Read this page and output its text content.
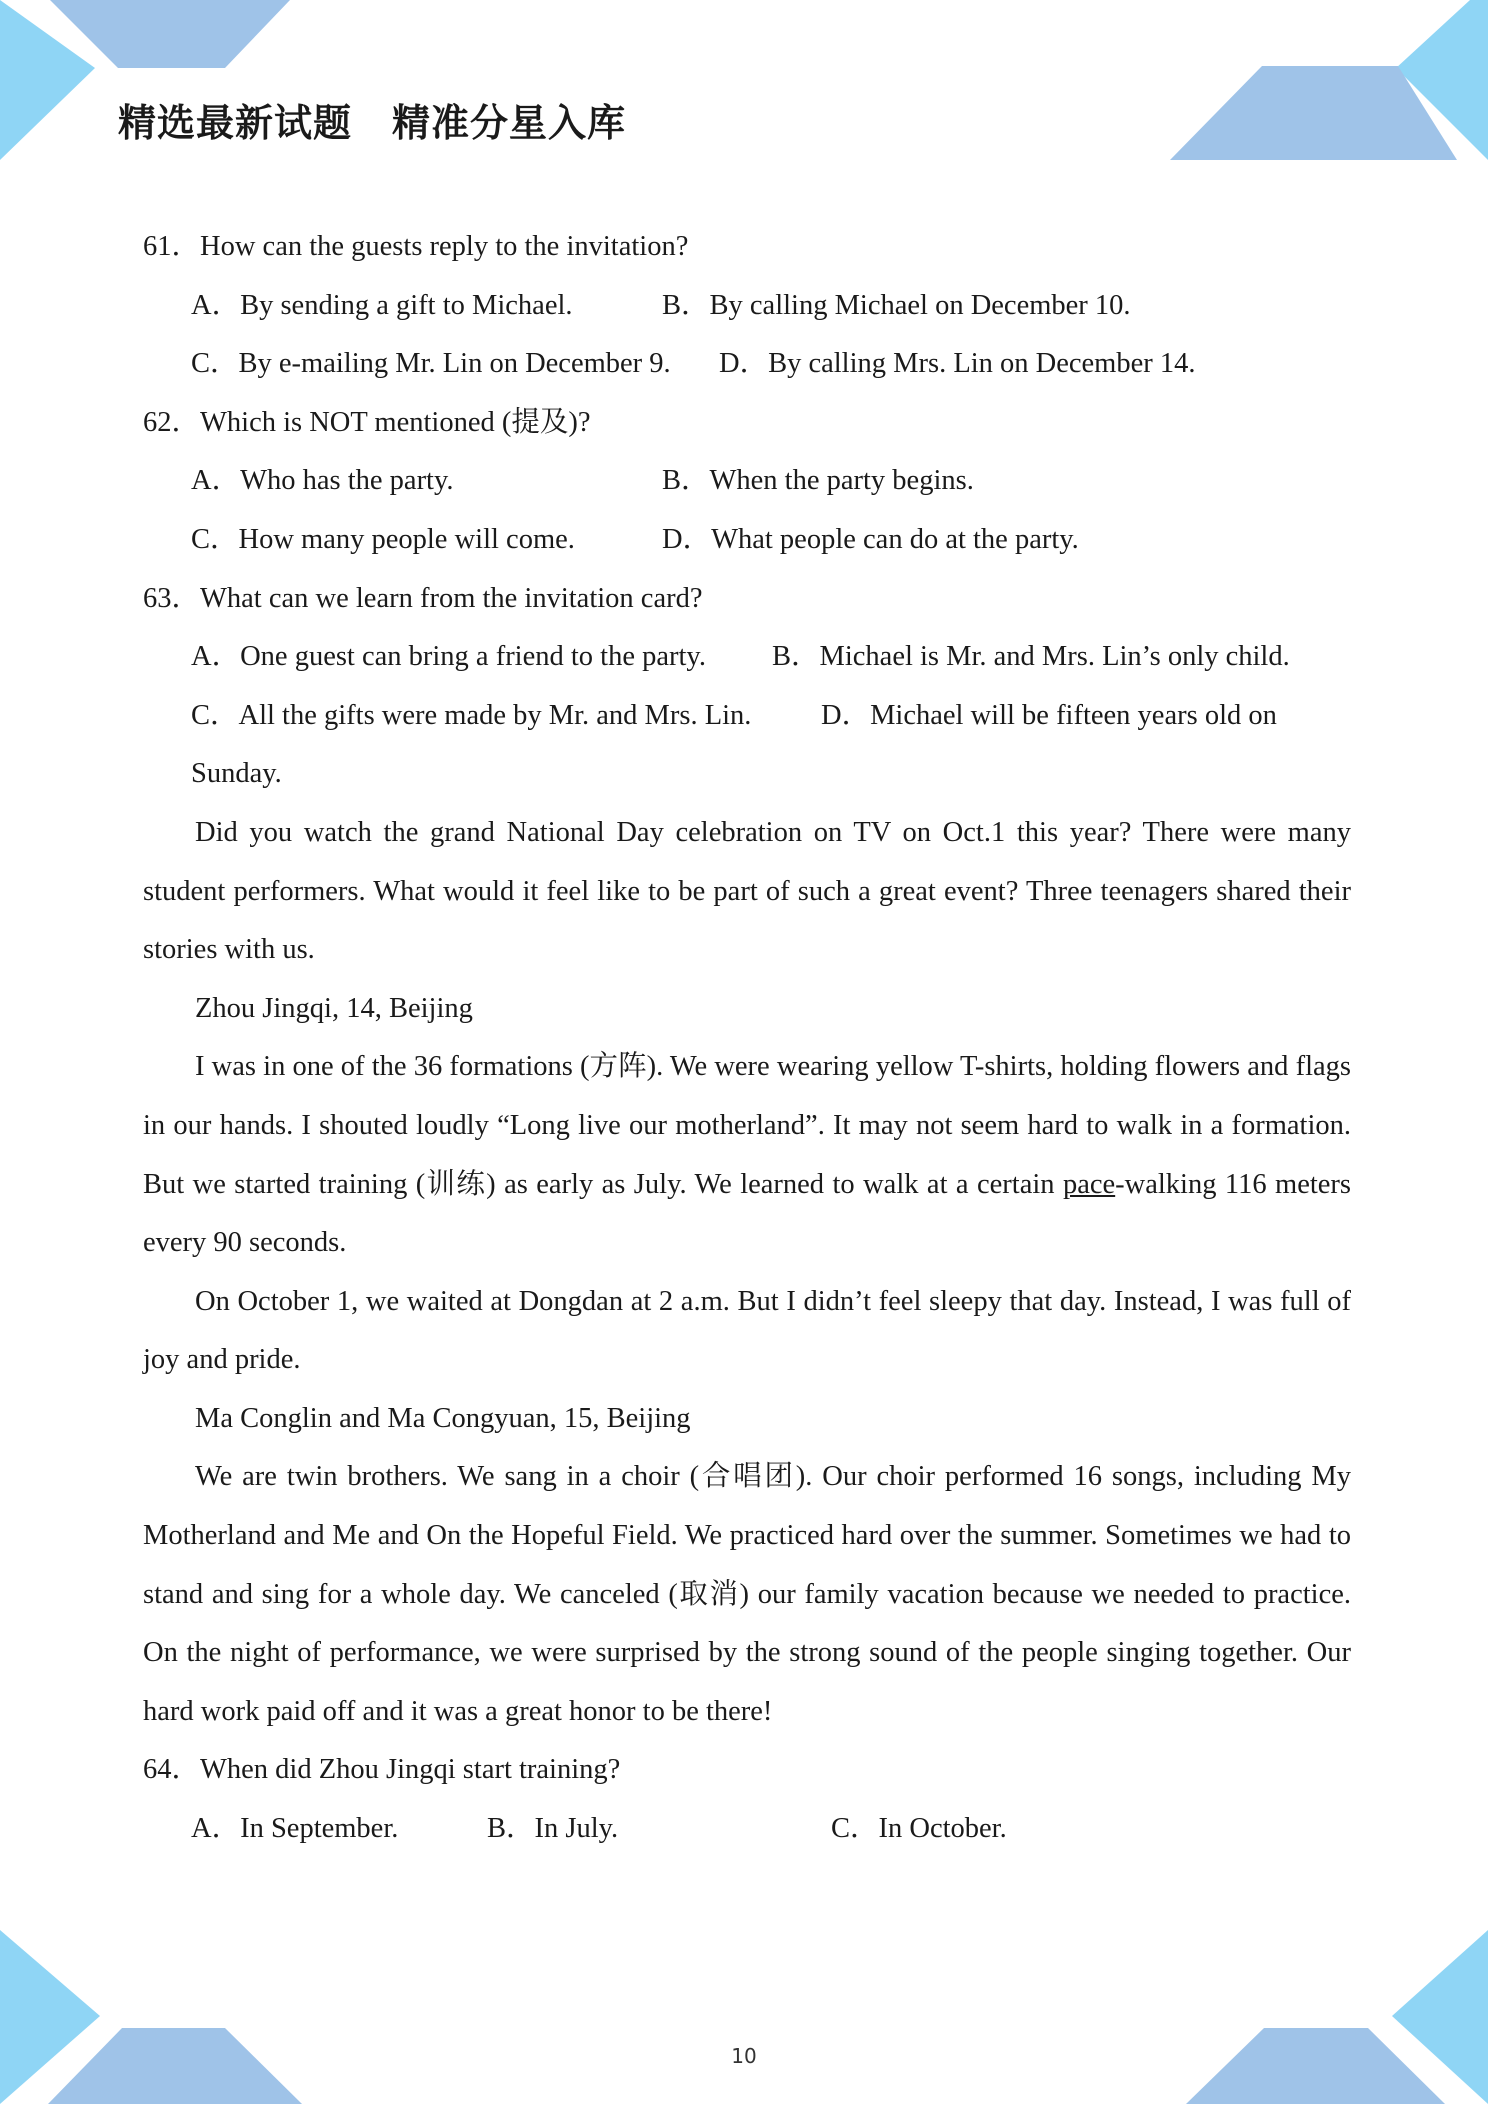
精选最新试题 精准分星入库
61．How can the guests reply to the invitation?
A．By sending a gift to Michael.	B．By calling Michael on December 10.
C．By e-mailing Mr. Lin on December 9. D．By calling Mrs. Lin on December 14.
62．Which is NOT mentioned (提及)?
A．Who has the party.	B．When the party begins.
C．How many people will come.	D．What people can do at the party.
63．What can we learn from the invitation card?
A．One guest can bring a friend to the party. B．Michael is Mr. and Mrs. Lin’s only child.
C．All the gifts were made by Mr. and Mrs. Lin. D．Michael will be fifteen years old on
Sunday.

Did you watch the grand National Day celebration on TV on Oct.1 this year? There were many student performers. What would it feel like to be part of such a great event? Three teenagers shared their stories with us.

Zhou Jingqi, 14, Beijing

I was in one of the 36 formations (方阵). We were wearing yellow T-shirts, holding flowers and flags in our hands. I shouted loudly “Long live our motherland”. It may not seem hard to walk in a formation. But we started training (训练) as early as July. We learned to walk at a certain pace-walking 116 meters every 90 seconds.

On October 1, we waited at Dongdan at 2 a.m. But I didn’t feel sleepy that day. Instead, I was full of joy and pride.

Ma Conglin and Ma Congyuan, 15, Beijing

We are twin brothers. We sang in a choir (合唱团). Our choir performed 16 songs, including My Motherland and Me and On the Hopeful Field. We practiced hard over the summer. Sometimes we had to stand and sing for a whole day. We canceled (取消) our family vacation because we needed to practice. On the night of performance, we were surprised by the strong sound of the people singing together. Our hard work paid off and it was a great honor to be there!

64．When did Zhou Jingqi start training?
A．In September.	B．In July.	C．In October.
10
